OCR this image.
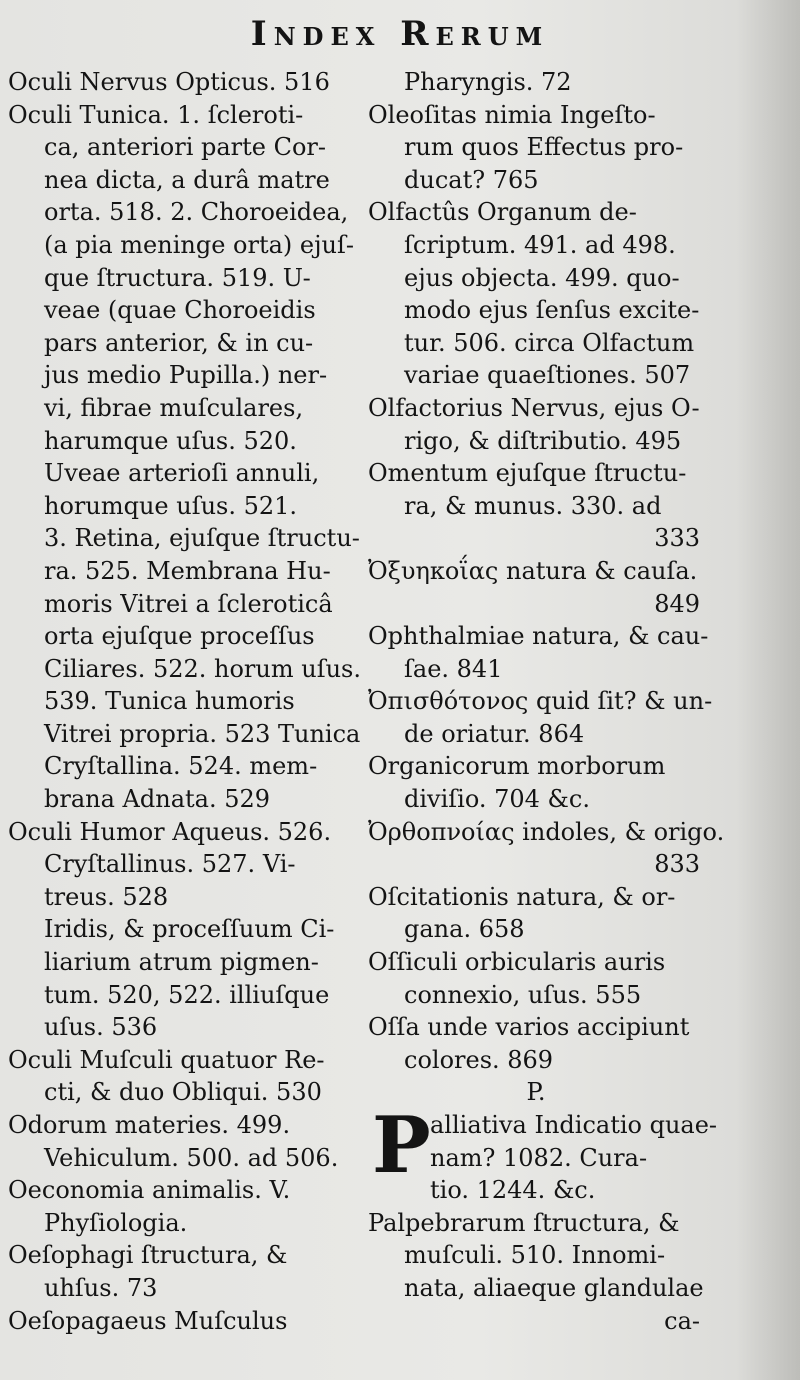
Index Rerum
Oculi Nervus Opticus. 516
Oculi Tunica. 1. ſcleroti-
ca, anteriori parte Cor-
nea dicta, a durâ matre
orta. 518. 2. Choroeidea,
(a pia meninge orta) ejuſ-
que ſtructura. 519. U-
veae (quae Choroeidis
pars anterior, & in cu-
jus medio Pupilla.) ner-
vi, fibrae muſculares,
harumque uſus. 520.
Uveae arterioſi annuli,
horumque uſus. 521.
3. Retina, ejuſque ſtructu-
ra. 525. Membrana Hu-
moris Vitrei a ſcleroticâ
orta ejuſque proceſſus
Ciliares. 522. horum uſus.
539. Tunica humoris
Vitrei propria. 523 Tunica
Cryſtallina. 524. mem-
brana Adnata. 529
Oculi Humor Aqueus. 526.
Cryſtallinus. 527. Vi-
treus. 528
Iridis, & proceſſuum Ci-
liarium atrum pigmen-
tum. 520, 522. illiuſque
uſus. 536
Oculi Muſculi quatuor Re-
cti, & duo Obliqui. 530
Odorum materies. 499.
Vehiculum. 500. ad 506.
Oeconomia animalis. V.
Phyſiologia.
Oeſophagi ſtructura, &
uhſus. 73
Oeſopagaeus Muſculus
Pharyngis. 72
Oleoſitas nimia Ingeſto-
rum quos Effectus pro-
ducat? 765
Olfactûs Organum de-
ſcriptum. 491. ad 498.
ejus objecta. 499. quo-
modo ejus ſenſus excite-
tur. 506. circa Olfactum
variae quaeſtiones. 507
Olfactorius Nervus, ejus O-
rigo, & diſtributio. 495
Omentum ejuſque ſtructu-
ra, & munus. 330. ad
333
Ὀξυηκοΐας natura & cauſa.
849
Ophthalmiae natura, & cau-
ſae. 841
Ὀπισθότονος quid ſit? & un-
de oriatur. 864
Organicorum morborum
diviſio. 704 &c.
Ὀρθοπνοίας indoles, & origo.
833
Oſcitationis natura, & or-
gana. 658
Oſſiculi orbicularis auris
connexio, uſus. 555
Oſſa unde varios accipiunt
colores. 869
P.
P alliativa Indicatio quae-
nam? 1082. Cura-
tio. 1244. &c.
Palpebrarum ſtructura, &
muſculi. 510. Innomi-
nata, aliaeque glandulae
ca-
